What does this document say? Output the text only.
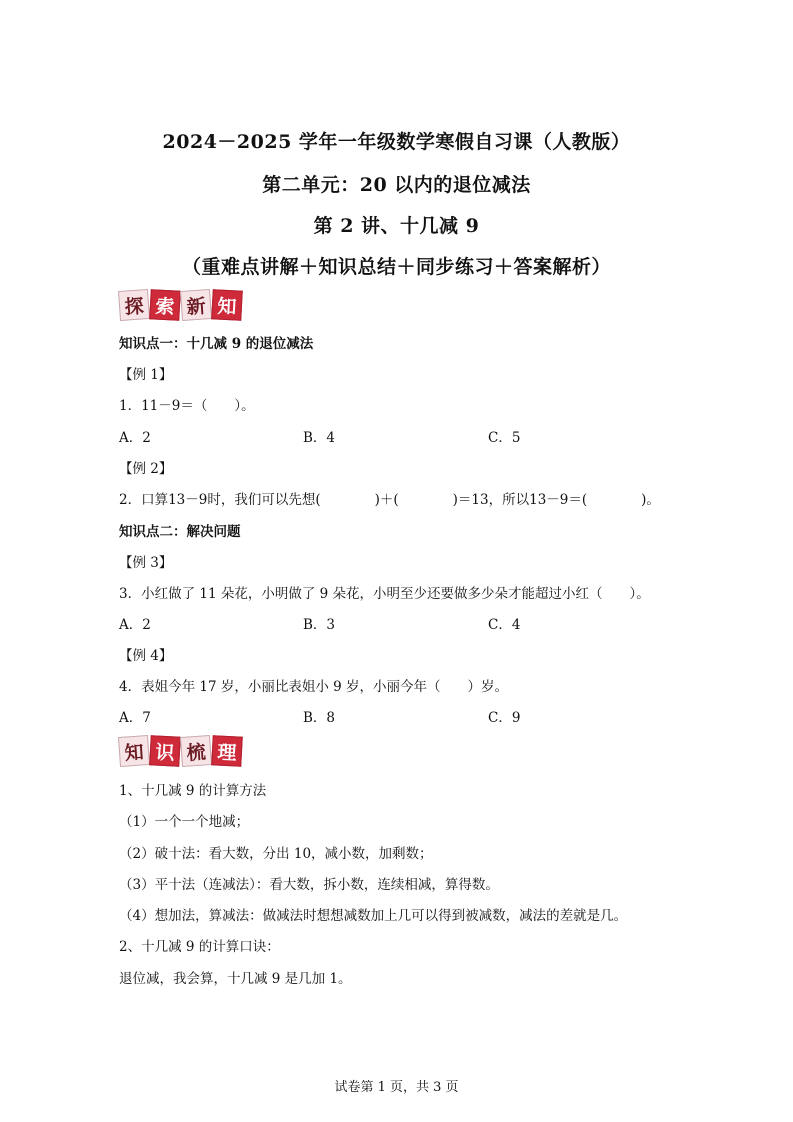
2024－2025 学年一年级数学寒假自习课（人教版）
第二单元：20 以内的退位减法
第 2 讲、十几减 9
（重难点讲解＋知识总结＋同步练习＋答案解析）
探 索 新 知
知识点一：十几减 9 的退位减法
【例 1】
1．11－9＝（　　）。
A．2	B．4	C．5
【例 2】
2．口算13－9时，我们可以先想(　　　　)＋(　　　　)＝13，所以13－9＝(　　　　)。
知识点二：解决问题
【例 3】
3．小红做了 11 朵花，小明做了 9 朵花，小明至少还要做多少朵才能超过小红（　　）。
A．2	B．3	C．4
【例 4】
4．表姐今年 17 岁，小丽比表姐小 9 岁，小丽今年（　　）岁。
A．7	B．8	C．9
知 识 梳 理
1、十几减 9 的计算方法
（1）一个一个地减；
（2）破十法：看大数，分出 10，减小数，加剩数；
（3）平十法（连减法）：看大数，拆小数，连续相减，算得数。
（4）想加法，算减法：做减法时想想减数加上几可以得到被减数，减法的差就是几。
2、十几减 9 的计算口诀：
退位减，我会算，十几减 9 是几加 1。
试卷第 1 页，共 3 页
